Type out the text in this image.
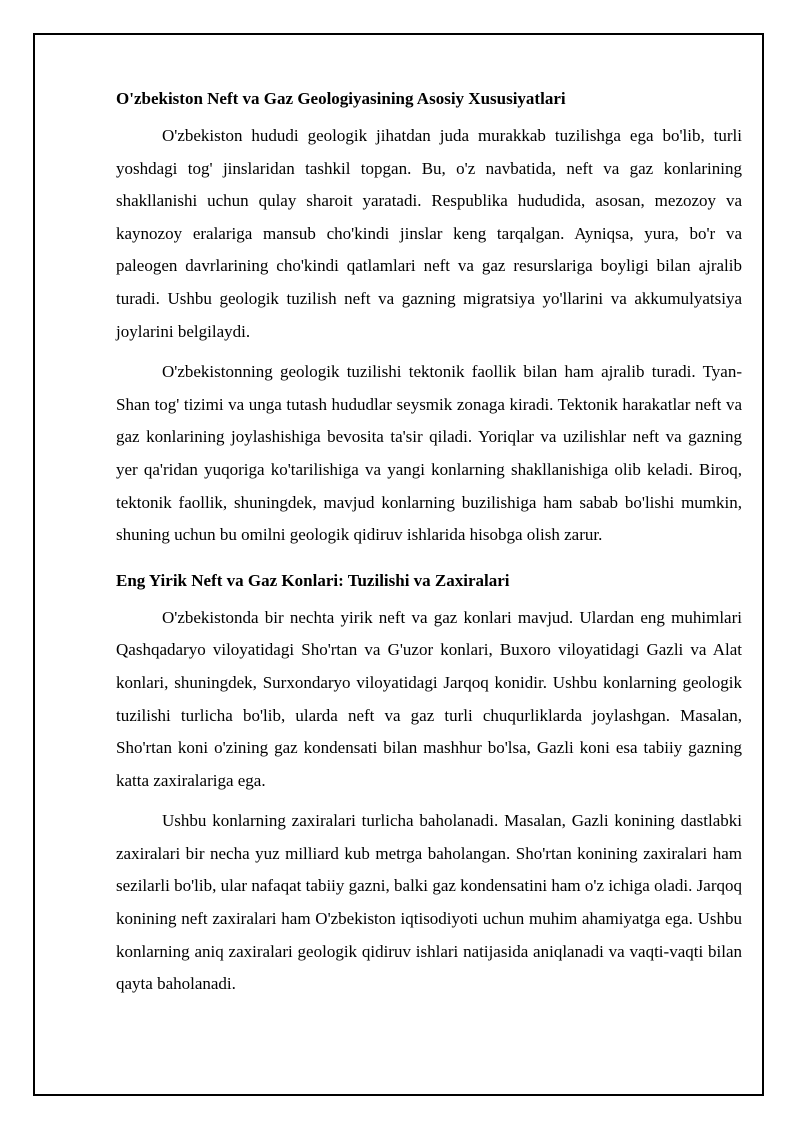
O'zbekiston Neft va Gaz Geologiyasining Asosiy Xususiyatlari

O'zbekiston hududi geologik jihatdan juda murakkab tuzilishga ega bo'lib, turli yoshdagi tog' jinslaridan tashkil topgan. Bu, o'z navbatida, neft va gaz konlarining shakllanishi uchun qulay sharoit yaratadi. Respublika hududida, asosan, mezozoy va kaynozoy eralariga mansub cho'kindi jinslar keng tarqalgan. Ayniqsa, yura, bo'r va paleogen davrlarining cho'kindi qatlamlari neft va gaz resurslariga boyligi bilan ajralib turadi. Ushbu geologik tuzilish neft va gazning migratsiya yo'llarini va akkumulyatsiya joylarini belgilaydi.

O'zbekistonning geologik tuzilishi tektonik faollik bilan ham ajralib turadi. Tyan-Shan tog' tizimi va unga tutash hududlar seysmik zonaga kiradi. Tektonik harakatlar neft va gaz konlarining joylashishiga bevosita ta'sir qiladi. Yoriqlar va uzilishlar neft va gazning yer qa'ridan yuqoriga ko'tarilishiga va yangi konlarning shakllanishiga olib keladi. Biroq, tektonik faollik, shuningdek, mavjud konlarning buzilishiga ham sabab bo'lishi mumkin, shuning uchun bu omilni geologik qidiruv ishlarida hisobga olish zarur.

Eng Yirik Neft va Gaz Konlari: Tuzilishi va Zaxiralari

O'zbekistonda bir nechta yirik neft va gaz konlari mavjud. Ulardan eng muhimlari Qashqadaryo viloyatidagi Sho'rtan va G'uzor konlari, Buxoro viloyatidagi Gazli va Alat konlari, shuningdek, Surxondaryo viloyatidagi Jarqoq konidir. Ushbu konlarning geologik tuzilishi turlicha bo'lib, ularda neft va gaz turli chuqurliklarda joylashgan. Masalan, Sho'rtan koni o'zining gaz kondensati bilan mashhur bo'lsa, Gazli koni esa tabiiy gazning katta zaxiralariga ega.

Ushbu konlarning zaxiralari turlicha baholanadi. Masalan, Gazli konining dastlabki zaxiralari bir necha yuz milliard kub metrga baholangan. Sho'rtan konining zaxiralari ham sezilarli bo'lib, ular nafaqat tabiiy gazni, balki gaz kondensatini ham o'z ichiga oladi. Jarqoq konining neft zaxiralari ham O'zbekiston iqtisodiyoti uchun muhim ahamiyatga ega. Ushbu konlarning aniq zaxiralari geologik qidiruv ishlari natijasida aniqlanadi va vaqti-vaqti bilan qayta baholanadi.
